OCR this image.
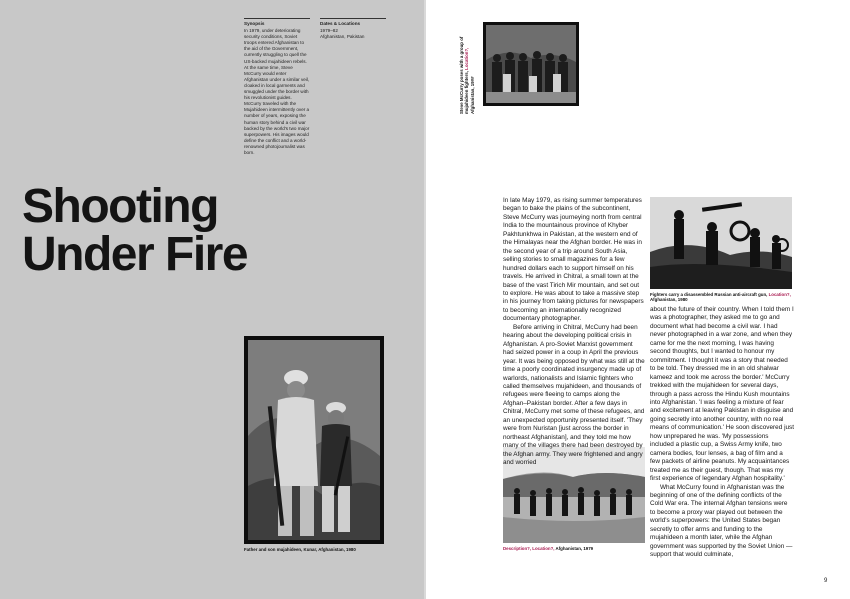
Synopsis

In 1979, under deteriorating security conditions, Soviet troops entered Afghanistan to the aid of the Government, currently struggling to quell the US-backed mujahideen rebels. At the same time, Steve McCurry would enter Afghanistan under a similar veil, cloaked in local garments and smuggled under the border with his revolutionist guides. McCurry traveled with the Mujahideen intermittently over a number of years, exposing the human story behind a civil war backed by the world's two major superpowers. His images would define the conflict and a world-renowned photojournalist was born.

Dates & Locations

1979–82

Afghanistan, Pakistan

Shooting
Under Fire
Father and son mujahideen, Kunar, Afghanistan, 1980
Steve McCurry poses with a group of mujahideen fighters, Location?, Afghanistan, 19##
Fighters carry a disassembled Russian anti-aircraft gun, Location?, Afghanistan, 1980
Description?, Location?, Afghanistan, 1979

In late May 1979, as rising summer temperatures began to bake the plains of the subcontinent, Steve McCurry was journeying north from central India to the mountainous province of Khyber Pakhtunkhwa in Pakistan, at the western end of the Himalayas near the Afghan border. He was in the second year of a trip around South Asia, selling stories to small magazines for a few hundred dollars each to support himself on his travels. He arrived in Chitral, a small town at the base of the vast Tirich Mir mountain, and set out to explore. He was about to take a massive step in his journey from taking pictures for newspapers to becoming an internationally recognized documentary photographer.

Before arriving in Chitral, McCurry had been hearing about the developing political crisis in Afghanistan. A pro-Soviet Marxist government had seized power in a coup in April the previous year. It was being opposed by what was still at the time a poorly coordinated insurgency made up of warlords, nationalists and Islamic fighters who called themselves mujahideen, and thousands of refugees were fleeing to camps along the Afghan–Pakistan border. After a few days in Chitral, McCurry met some of these refugees, and an unexpected opportunity presented itself. 'They were from Nuristan [just across the border in northeast Afghanistan], and they told me how many of the villages there had been destroyed by the Afghan army. They were frightened and angry and worried

about the future of their country. When I told them I was a photographer, they asked me to go and document what had become a civil war. I had never photographed in a war zone, and when they came for me the next morning, I was having second thoughts, but I wanted to honour my commitment. I thought it was a story that needed to be told. They dressed me in an old shalwar kameez and took me across the border.' McCurry trekked with the mujahideen for several days, through a pass across the Hindu Kush mountains into Afghanistan. 'I was feeling a mixture of fear and excitement at leaving Pakistan in disguise and going secretly into another country, with no real means of communication.' He soon discovered just how unprepared he was. 'My possessions included a plastic cup, a Swiss Army knife, two camera bodies, four lenses, a bag of film and a few packets of airline peanuts. My acquaintances treated me as their guest, though. That was my first experience of legendary Afghan hospitality.'

What McCurry found in Afghanistan was the beginning of one of the defining conflicts of the Cold War era. The internal Afghan tensions were to become a proxy war played out between the world's superpowers: the United States began secretly to offer arms and funding to the mujahideen a month later, while the Afghan government was supported by the Soviet Union — support that would culminate,

9
